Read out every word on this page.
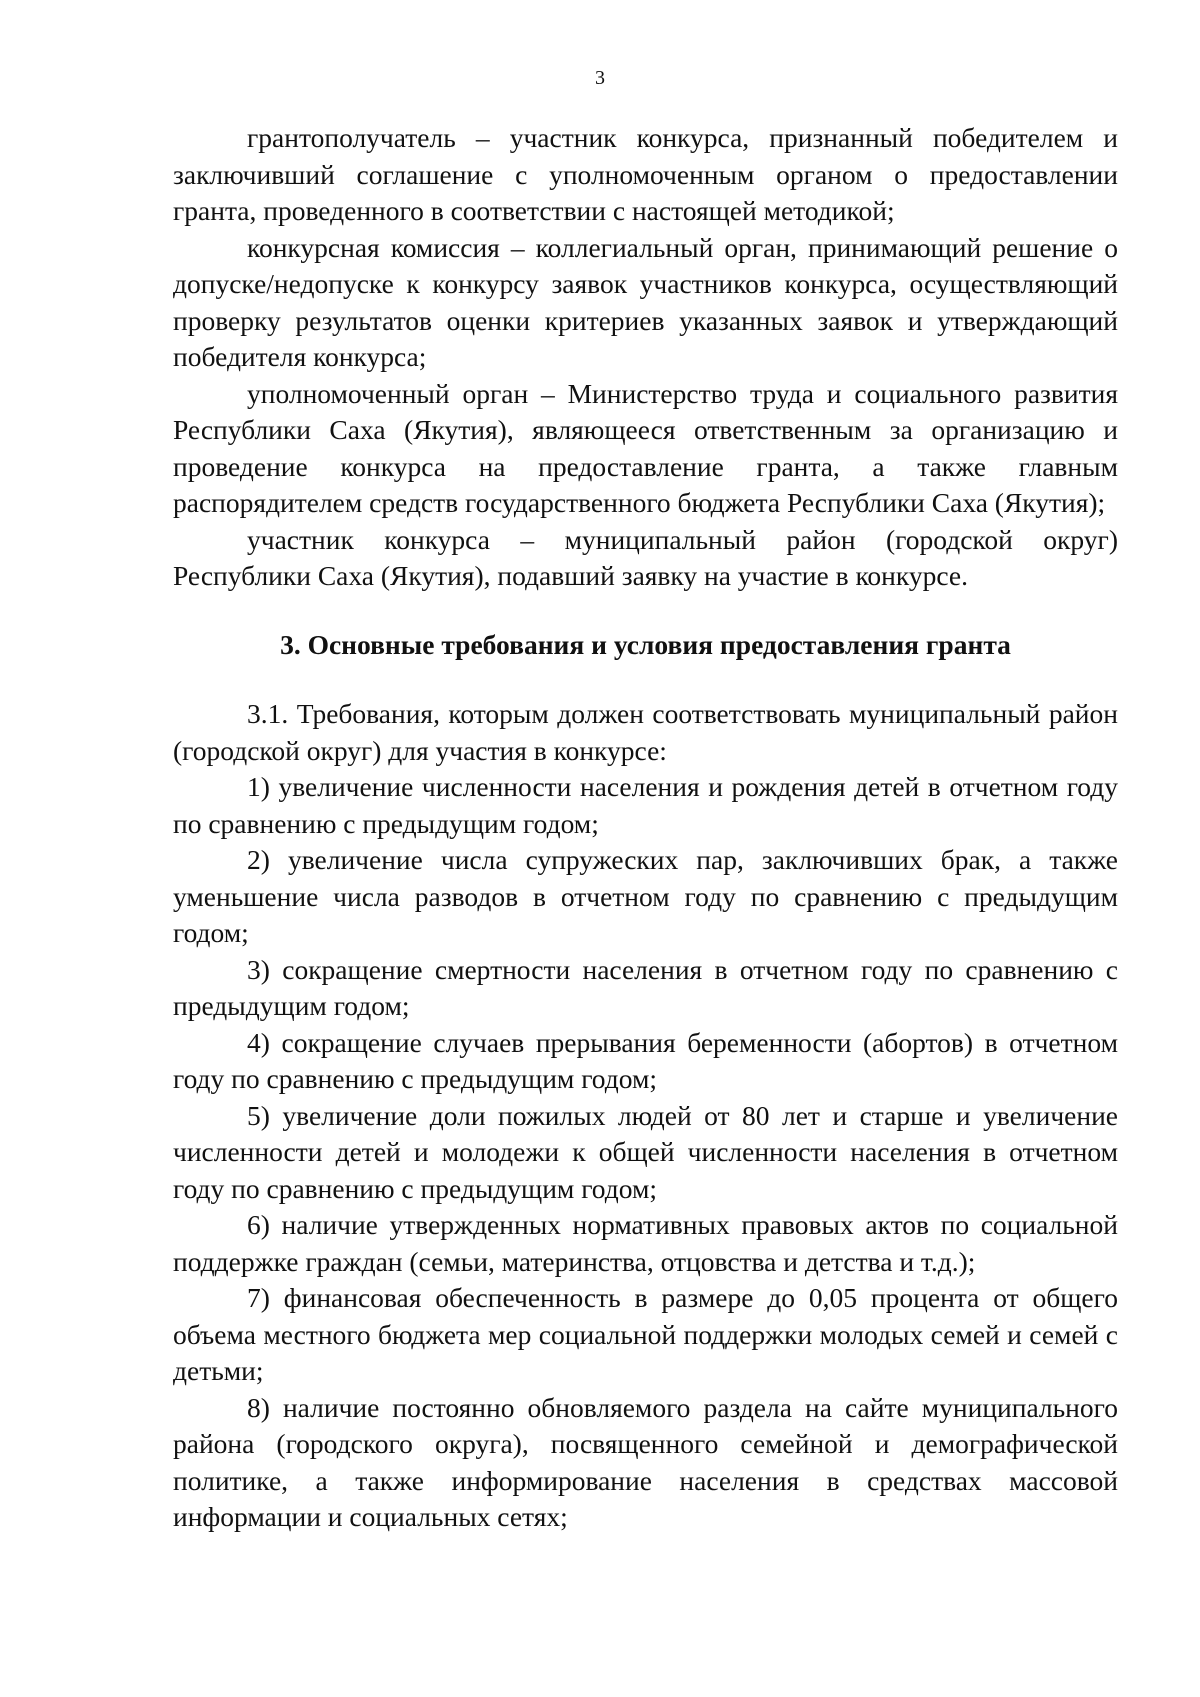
3

грантополучатель – участник конкурса, признанный победителем и заключивший соглашение с уполномоченным органом о предоставлении гранта, проведенного в соответствии с настоящей методикой;

конкурсная комиссия – коллегиальный орган, принимающий решение о допуске/недопуске к конкурсу заявок участников конкурса, осуществляющий проверку результатов оценки критериев указанных заявок и утверждающий победителя конкурса;

уполномоченный орган – Министерство труда и социального развития Республики Саха (Якутия), являющееся ответственным за организацию и проведение конкурса на предоставление гранта, а также главным распорядителем средств государственного бюджета Республики Саха (Якутия);

участник конкурса – муниципальный район (городской округ) Республики Саха (Якутия), подавший заявку на участие в конкурсе.

3. Основные требования и условия предоставления гранта

3.1. Требования, которым должен соответствовать муниципальный район (городской округ) для участия в конкурсе:

1) увеличение численности населения и рождения детей в отчетном году по сравнению с предыдущим годом;

2) увеличение числа супружеских пар, заключивших брак, а также уменьшение числа разводов в отчетном году по сравнению с предыдущим годом;

3) сокращение смертности населения в отчетном году по сравнению с предыдущим годом;

4) сокращение случаев прерывания беременности (абортов) в отчетном году по сравнению с предыдущим годом;

5) увеличение доли пожилых людей от 80 лет и старше и увеличение численности детей и молодежи к общей численности населения в отчетном году по сравнению с предыдущим годом;

6) наличие утвержденных нормативных правовых актов по социальной поддержке граждан (семьи, материнства, отцовства и детства и т.д.);

7) финансовая обеспеченность в размере до 0,05 процента от общего объема местного бюджета мер социальной поддержки молодых семей и семей с детьми;

8) наличие постоянно обновляемого раздела на сайте муниципального района (городского округа), посвященного семейной и демографической политике, а также информирование населения в средствах массовой информации и социальных сетях;
